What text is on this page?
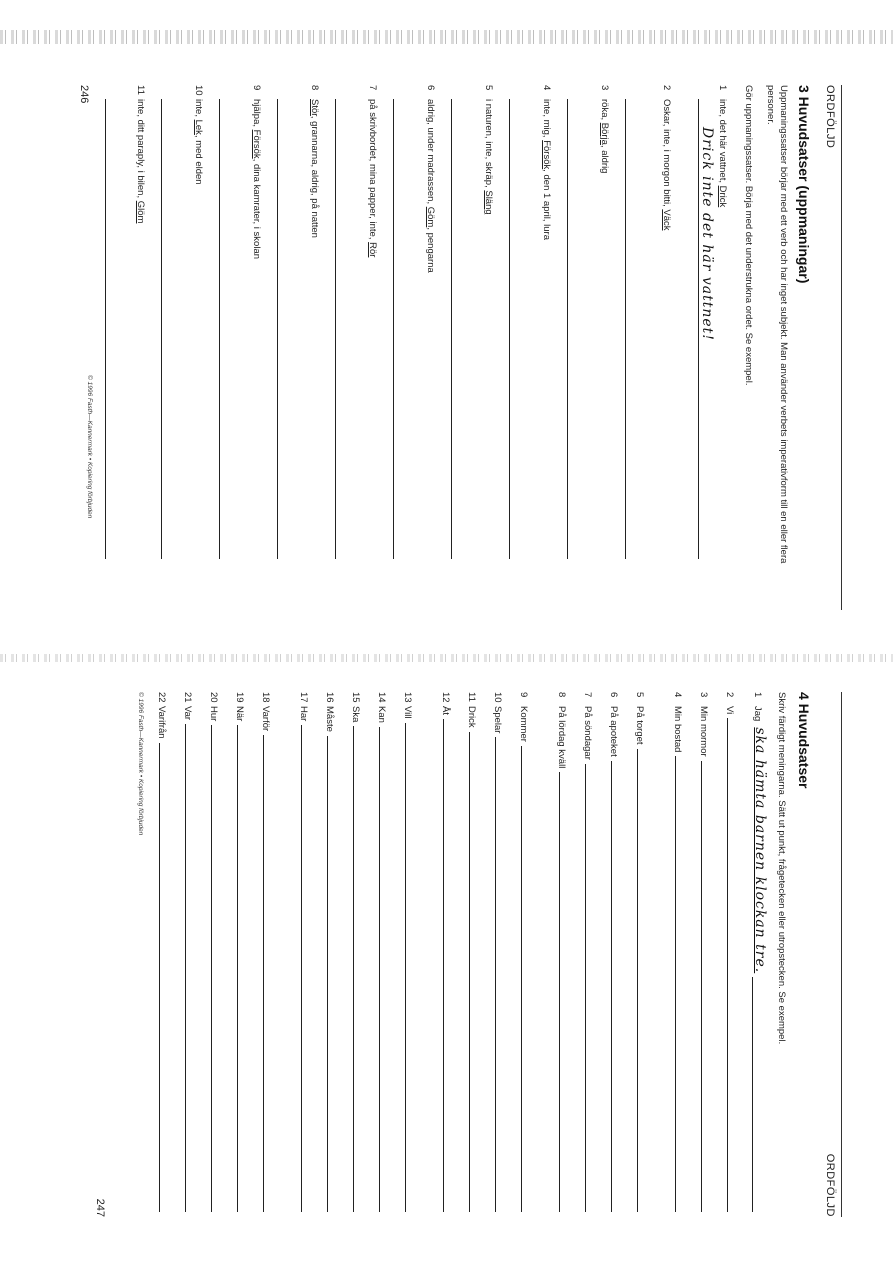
ORDFÖLJD
3 Huvudsatser (uppmaningar)
Uppmaningssatser börjar med ett verb och har inget subjekt. Man använder verbets imperativform till en eller flera personer.
Gör uppmaningssatser. Börja med det understrukna ordet. Se exempel.
1
inte, det här vattnet, Drick
Drick inte det här vattnet!
2
Oskar, inte, i morgon bitti, Väck
3
röka, Börja, aldrig
4
inte, mig, Försök, den 1 april, lura
5
i naturen, inte, skräp, Släng
6
aldrig, under madrassen, Göm, pengarna
7
på skrivbordet, mina papper, inte, Rör
8
Stör, grannarna, aldrig, på natten
9
hjälpa, Försök, dina kamrater, i skolan
10
inte, Lek, med elden
11
inte, ditt paraply, i bilen, Glöm
© 1996 Fasth—Kannermark • Kopiering förbjuden
246
ORDFÖLJD
4 Huvudsatser
Skriv färdigt meningarna. Sätt ut punkt, frågetecken eller utropstecken. Se exempel.
1
Jag
ska hämta barnen klockan tre.
2
Vi
3
Min mormor
4
Min bostad
5
På torget
6
På apoteket
7
På söndagar
8
På lördag kväll
9
Kommer
10
Spelar
11
Drick
12
Åt
13
Vill
14
Kan
15
Ska
16
Måste
17
Har
18
Varför
19
När
20
Hur
21
Var
22
Varifrån
© 1996 Fasth—Kannermark • Kopiering förbjuden
247
